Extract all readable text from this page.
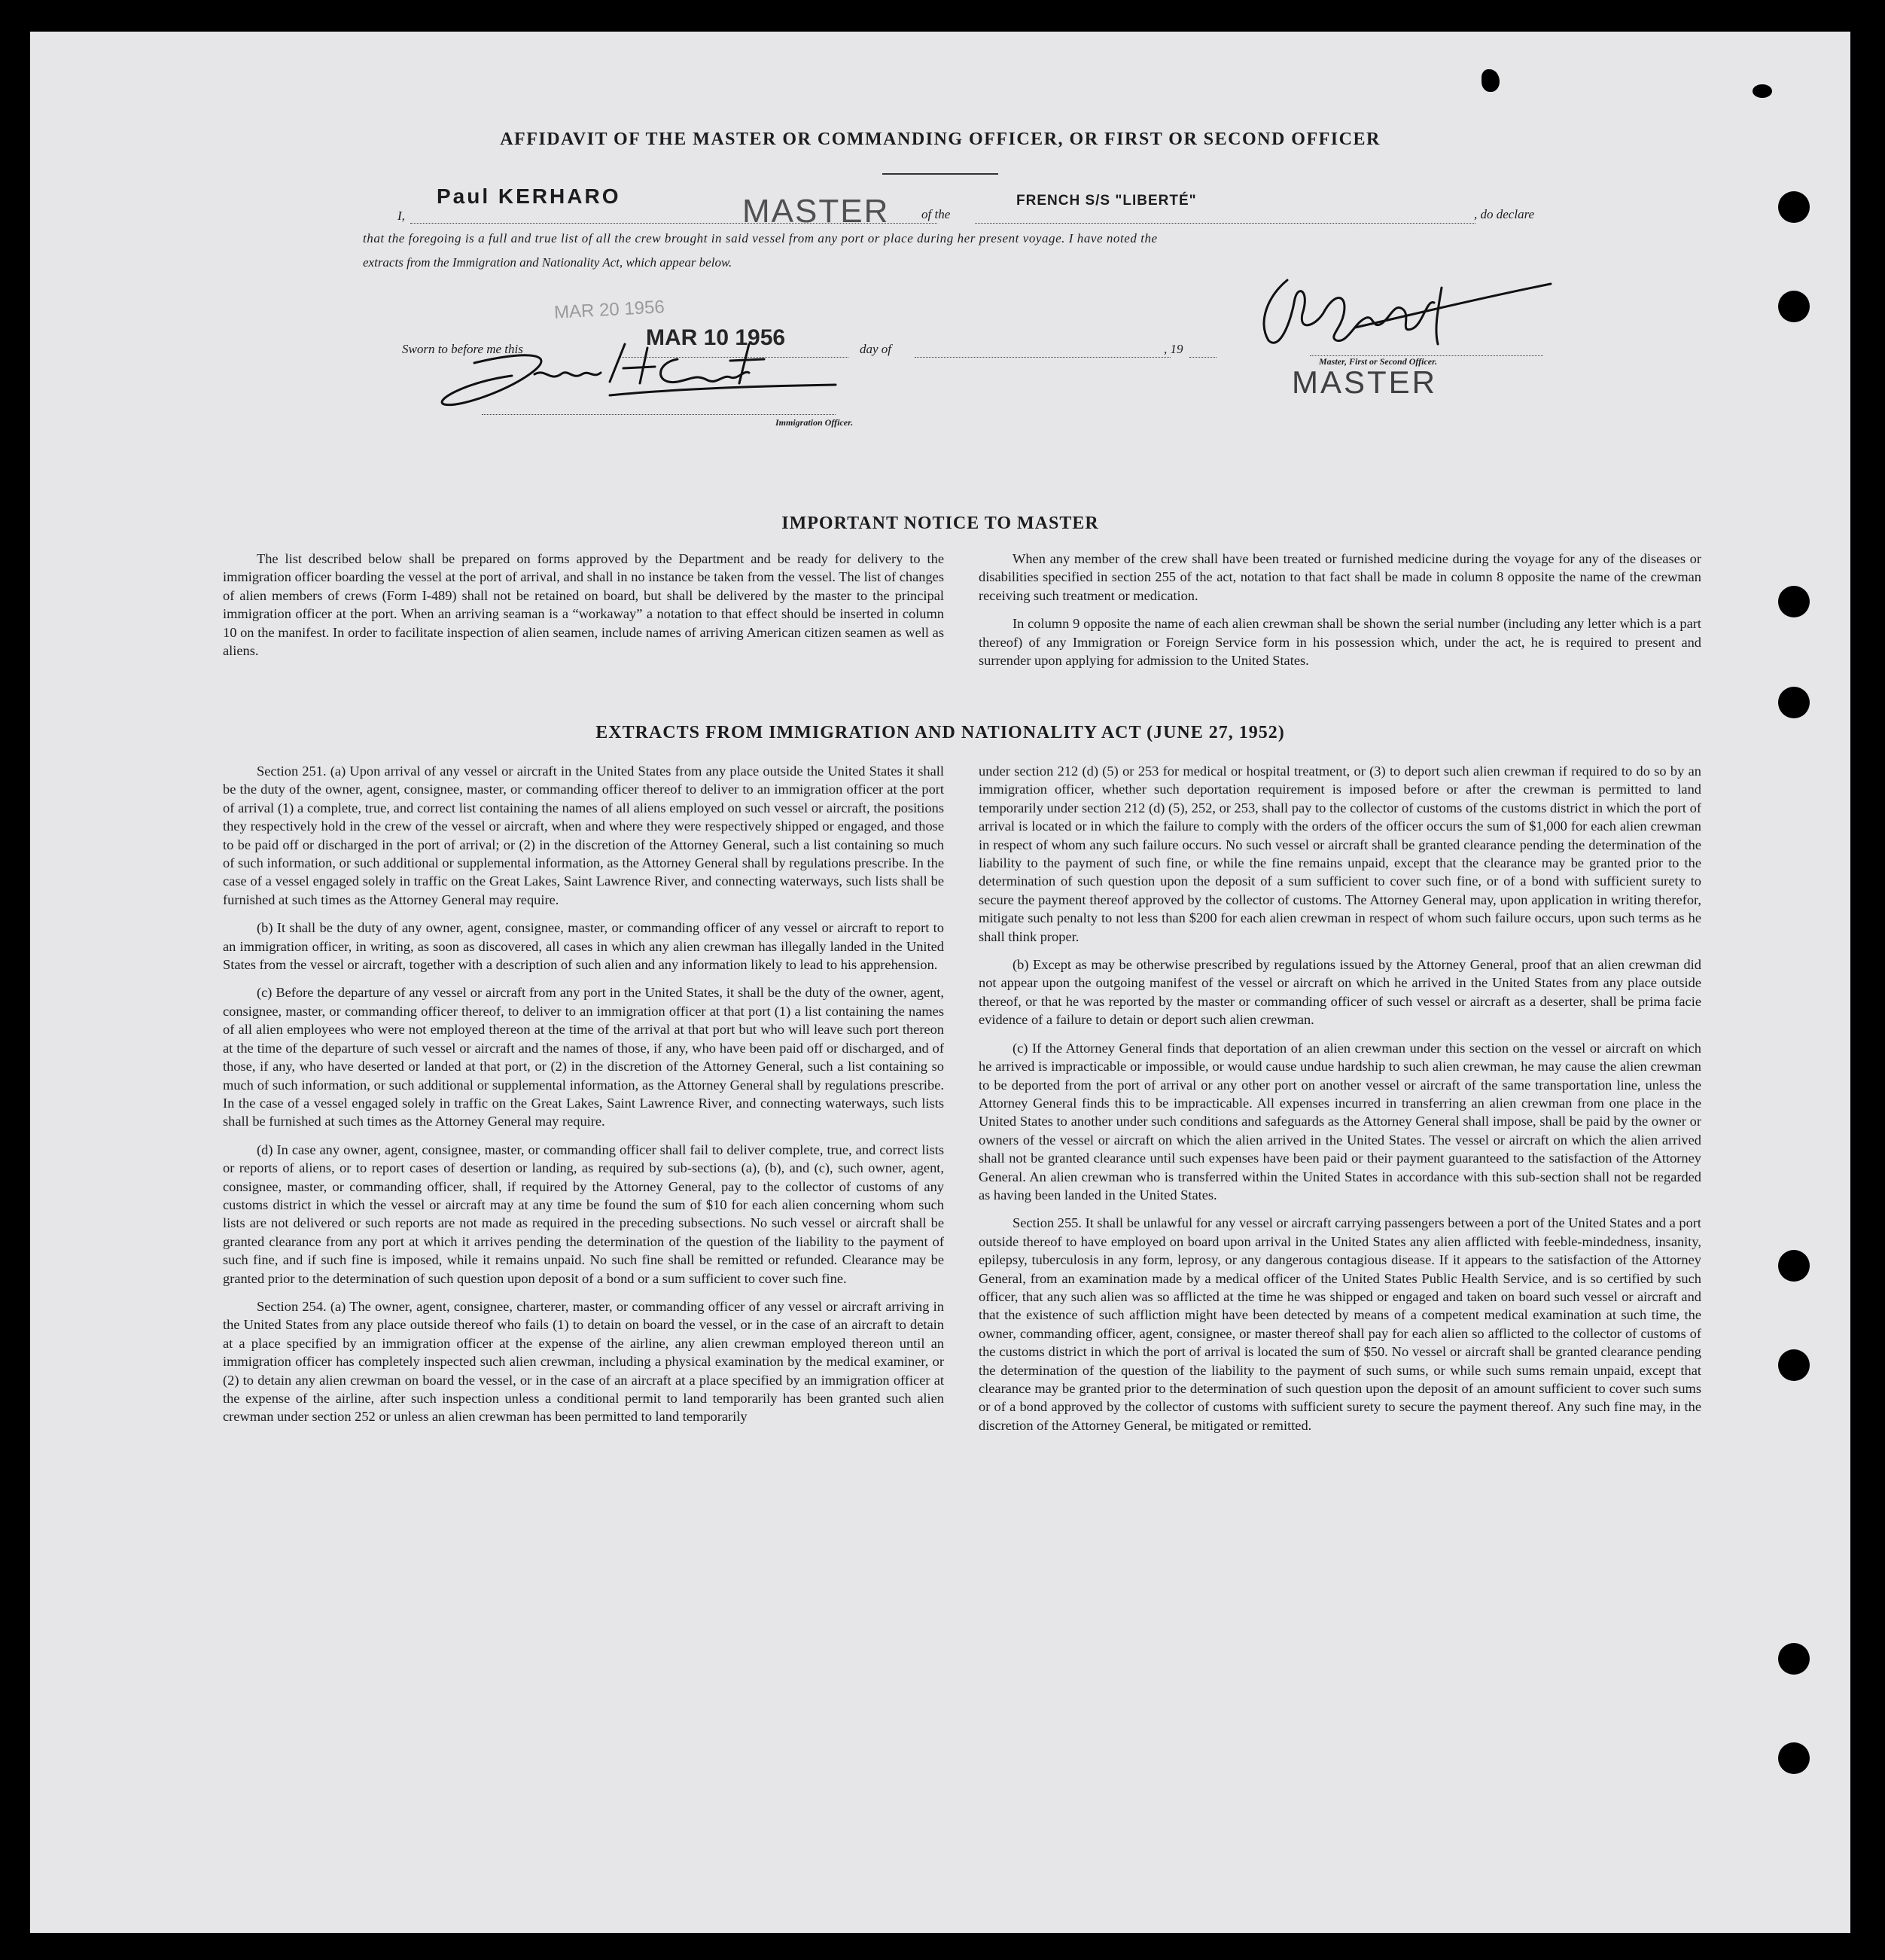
AFFIDAVIT OF THE MASTER OR COMMANDING OFFICER, OR FIRST OR SECOND OFFICER
I,
Paul KERHARO	MASTER	of the
FRENCH S/S "LIBERTÉ"
, do declare
that the foregoing is a full and true list of all the crew brought in said vessel from any port or place during her present voyage. I have noted the
extracts from the Immigration and Nationality Act, which appear below.
MAR 20 1956
Sworn to before me this	MAR 10 1956	day of	, 19
Immigration Officer.
Master, First or Second Officer.
MASTER
IMPORTANT NOTICE TO MASTER

The list described below shall be prepared on forms approved by the Department and be ready for delivery to the immigration officer boarding the vessel at the port of arrival, and shall in no instance be taken from the vessel. The list of changes of alien members of crews (Form I-489) shall not be retained on board, but shall be delivered by the master to the principal immigration officer at the port. When an arriving seaman is a “workaway” a notation to that effect should be inserted in column 10 on the manifest. In order to facilitate inspection of alien seamen, include names of arriving American citizen seamen as well as aliens.

When any member of the crew shall have been treated or furnished medicine during the voyage for any of the diseases or disabilities specified in section 255 of the act, notation to that fact shall be made in column 8 opposite the name of the crewman receiving such treatment or medication.

In column 9 opposite the name of each alien crewman shall be shown the serial number (including any letter which is a part thereof) of any Immigration or Foreign Service form in his possession which, under the act, he is required to present and surrender upon applying for admission to the United States.

EXTRACTS FROM IMMIGRATION AND NATIONALITY ACT (JUNE 27, 1952)

Section 251. (a) Upon arrival of any vessel or aircraft in the United States from any place outside the United States it shall be the duty of the owner, agent, consignee, master, or commanding officer thereof to deliver to an immigration officer at the port of arrival (1) a complete, true, and correct list containing the names of all aliens employed on such vessel or aircraft, the positions they respectively hold in the crew of the vessel or aircraft, when and where they were respectively shipped or engaged, and those to be paid off or discharged in the port of arrival; or (2) in the discretion of the Attorney General, such a list containing so much of such information, or such additional or supplemental information, as the Attorney General shall by regulations prescribe. In the case of a vessel engaged solely in traffic on the Great Lakes, Saint Lawrence River, and connecting waterways, such lists shall be furnished at such times as the Attorney General may require.

(b) It shall be the duty of any owner, agent, consignee, master, or commanding officer of any vessel or aircraft to report to an immigration officer, in writing, as soon as discovered, all cases in which any alien crewman has illegally landed in the United States from the vessel or aircraft, together with a description of such alien and any information likely to lead to his apprehension.

(c) Before the departure of any vessel or aircraft from any port in the United States, it shall be the duty of the owner, agent, consignee, master, or commanding officer thereof, to deliver to an immigration officer at that port (1) a list containing the names of all alien employees who were not employed thereon at the time of the arrival at that port but who will leave such port thereon at the time of the departure of such vessel or aircraft and the names of those, if any, who have been paid off or discharged, and of those, if any, who have deserted or landed at that port, or (2) in the discretion of the Attorney General, such a list containing so much of such information, or such additional or supplemental information, as the Attorney General shall by regulations prescribe. In the case of a vessel engaged solely in traffic on the Great Lakes, Saint Lawrence River, and connecting waterways, such lists shall be furnished at such times as the Attorney General may require.

(d) In case any owner, agent, consignee, master, or commanding officer shall fail to deliver complete, true, and correct lists or reports of aliens, or to report cases of desertion or landing, as required by sub-sections (a), (b), and (c), such owner, agent, consignee, master, or commanding officer, shall, if required by the Attorney General, pay to the collector of customs of any customs district in which the vessel or aircraft may at any time be found the sum of $10 for each alien concerning whom such lists are not delivered or such reports are not made as required in the preceding subsections. No such vessel or aircraft shall be granted clearance from any port at which it arrives pending the determination of the question of the liability to the payment of such fine, and if such fine is imposed, while it remains unpaid. No such fine shall be remitted or refunded. Clearance may be granted prior to the determination of such question upon deposit of a bond or a sum sufficient to cover such fine.

Section 254. (a) The owner, agent, consignee, charterer, master, or commanding officer of any vessel or aircraft arriving in the United States from any place outside thereof who fails (1) to detain on board the vessel, or in the case of an aircraft to detain at a place specified by an immigration officer at the expense of the airline, any alien crewman employed thereon until an immigration officer has completely inspected such alien crewman, including a physical examination by the medical examiner, or (2) to detain any alien crewman on board the vessel, or in the case of an aircraft at a place specified by an immigration officer at the expense of the airline, after such inspection unless a conditional permit to land temporarily has been granted such alien crewman under section 252 or unless an alien crewman has been permitted to land temporarily

under section 212 (d) (5) or 253 for medical or hospital treatment, or (3) to deport such alien crewman if required to do so by an immigration officer, whether such deportation requirement is imposed before or after the crewman is permitted to land temporarily under section 212 (d) (5), 252, or 253, shall pay to the collector of customs of the customs district in which the port of arrival is located or in which the failure to comply with the orders of the officer occurs the sum of $1,000 for each alien crewman in respect of whom any such failure occurs. No such vessel or aircraft shall be granted clearance pending the determination of the liability to the payment of such fine, or while the fine remains unpaid, except that the clearance may be granted prior to the determination of such question upon the deposit of a sum sufficient to cover such fine, or of a bond with sufficient surety to secure the payment thereof approved by the collector of customs. The Attorney General may, upon application in writing therefor, mitigate such penalty to not less than $200 for each alien crewman in respect of whom such failure occurs, upon such terms as he shall think proper.

(b) Except as may be otherwise prescribed by regulations issued by the Attorney General, proof that an alien crewman did not appear upon the outgoing manifest of the vessel or aircraft on which he arrived in the United States from any place outside thereof, or that he was reported by the master or commanding officer of such vessel or aircraft as a deserter, shall be prima facie evidence of a failure to detain or deport such alien crewman.

(c) If the Attorney General finds that deportation of an alien crewman under this section on the vessel or aircraft on which he arrived is impracticable or impossible, or would cause undue hardship to such alien crewman, he may cause the alien crewman to be deported from the port of arrival or any other port on another vessel or aircraft of the same transportation line, unless the Attorney General finds this to be impracticable. All expenses incurred in transferring an alien crewman from one place in the United States to another under such conditions and safeguards as the Attorney General shall impose, shall be paid by the owner or owners of the vessel or aircraft on which the alien arrived in the United States. The vessel or aircraft on which the alien arrived shall not be granted clearance until such expenses have been paid or their payment guaranteed to the satisfaction of the Attorney General. An alien crewman who is transferred within the United States in accordance with this sub-section shall not be regarded as having been landed in the United States.

Section 255. It shall be unlawful for any vessel or aircraft carrying passengers between a port of the United States and a port outside thereof to have employed on board upon arrival in the United States any alien afflicted with feeble-mindedness, insanity, epilepsy, tuberculosis in any form, leprosy, or any dangerous contagious disease. If it appears to the satisfaction of the Attorney General, from an examination made by a medical officer of the United States Public Health Service, and is so certified by such officer, that any such alien was so afflicted at the time he was shipped or engaged and taken on board such vessel or aircraft and that the existence of such affliction might have been detected by means of a competent medical examination at such time, the owner, commanding officer, agent, consignee, or master thereof shall pay for each alien so afflicted to the collector of customs of the customs district in which the port of arrival is located the sum of $50. No vessel or aircraft shall be granted clearance pending the determination of the question of the liability to the payment of such sums, or while such sums remain unpaid, except that clearance may be granted prior to the determination of such question upon the deposit of an amount sufficient to cover such sums or of a bond approved by the collector of customs with sufficient surety to secure the payment thereof. Any such fine may, in the discretion of the Attorney General, be mitigated or remitted.
